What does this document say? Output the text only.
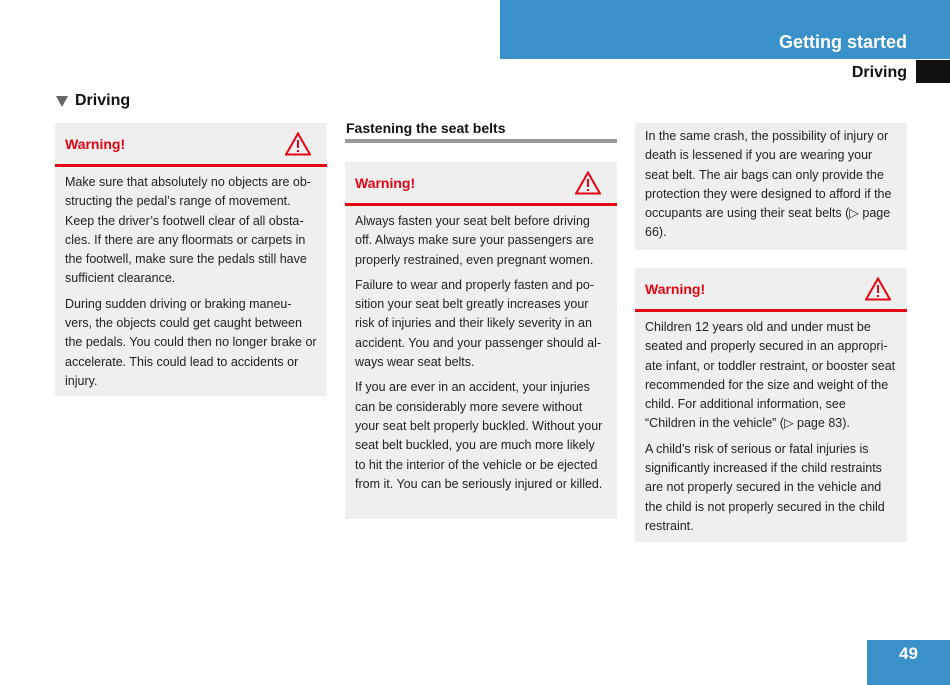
Getting started
Driving
Driving
Warning!

Make sure that absolutely no objects are ob- structing the pedal’s range of movement. Keep the driver’s footwell clear of all obsta- cles. If there are any floormats or carpets in the footwell, make sure the pedals still have sufficient clearance.

During sudden driving or braking maneu- vers, the objects could get caught between the pedals. You could then no longer brake or accelerate. This could lead to accidents or injury.

Fastening the seat belts
Warning!

Always fasten your seat belt before driving off. Always make sure your passengers are properly restrained, even pregnant women.

Failure to wear and properly fasten and po- sition your seat belt greatly increases your risk of injuries and their likely severity in an accident. You and your passenger should al- ways wear seat belts.

If you are ever in an accident, your injuries can be considerably more severe without your seat belt properly buckled. Without your seat belt buckled, you are much more likely to hit the interior of the vehicle or be ejected from it. You can be seriously injured or killed.

In the same crash, the possibility of injury or death is lessened if you are wearing your seat belt. The air bags can only provide the protection they were designed to afford if the occupants are using their seat belts (▷ page 66).

Warning!

Children 12 years old and under must be seated and properly secured in an appropri- ate infant, or toddler restraint, or booster seat recommended for the size and weight of the child. For additional information, see “Children in the vehicle” (▷ page 83).

A child’s risk of serious or fatal injuries is significantly increased if the child restraints are not properly secured in the vehicle and the child is not properly secured in the child restraint.

49
